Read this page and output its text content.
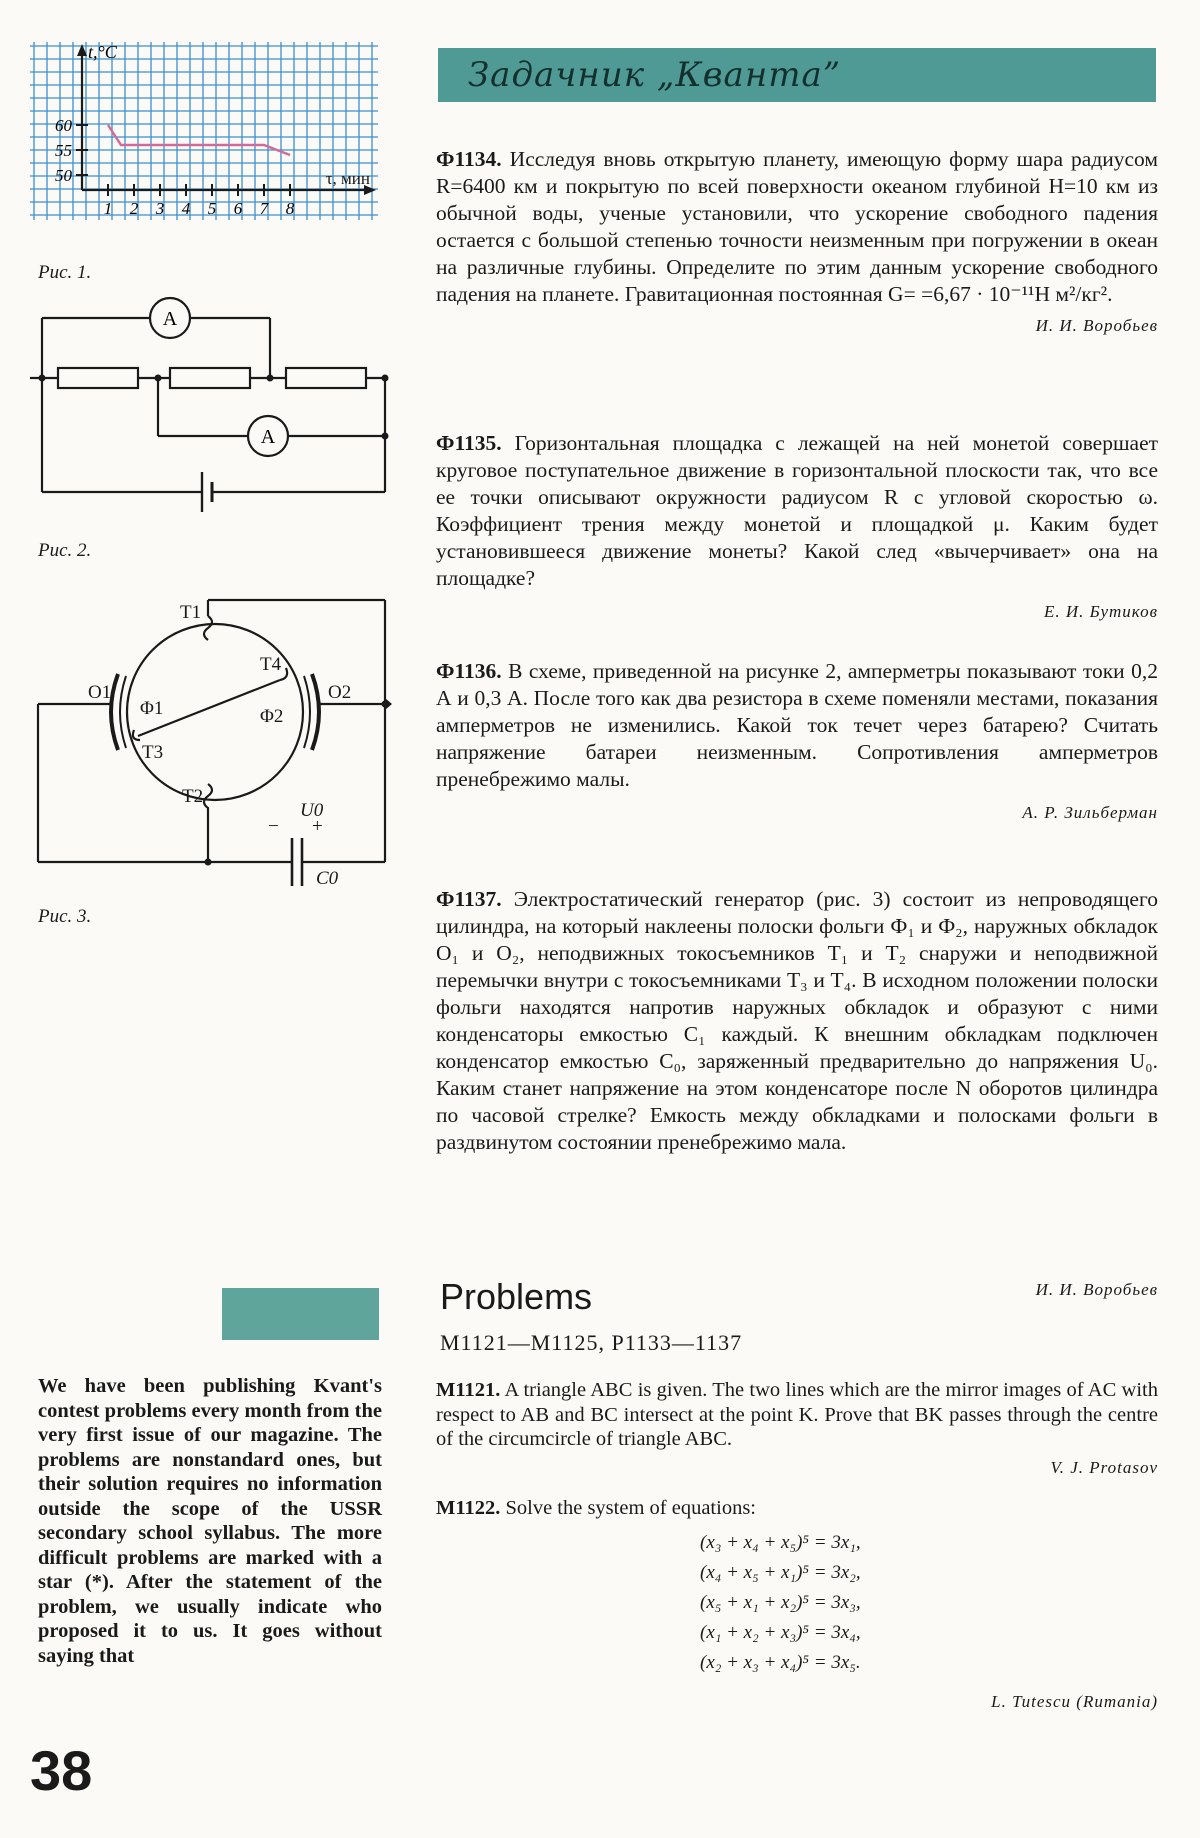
60
55
50
1 2 3 4 5 6 7 8
t,°C
τ, мин
Рис. 1.
A
A
Рис. 2.
T1
T4
O1
Φ1	Φ2
O2
T3
T2
U0
− +
C0
Рис. 3.
Задачник „Кванта”
Ф1134. Исследуя вновь открытую планету, имеющую форму шара радиусом R=6400 км и покрытую по всей поверхности океаном глубиной H=10 км из обычной воды, ученые установили, что ускорение свободного падения остается с большой степенью точности неизменным при погружении в океан на различные глубины. Определите по этим данным ускорение свободного падения на планете. Гравитационная постоянная G= =6,67 · 10⁻¹¹Н м²/кг².
И. И. Воробьев
Ф1135. Горизонтальная площадка с лежащей на ней монетой совершает круговое поступательное движение в горизонтальной плоскости так, что все ее точки описывают окружности радиусом R с угловой скоростью ω. Коэффициент трения между монетой и площадкой μ. Каким будет установившееся движение монеты? Какой след «вычерчивает» она на площадке?
Е. И. Бутиков
Ф1136. В схеме, приведенной на рисунке 2, амперметры показывают токи 0,2 А и 0,3 А. После того как два резистора в схеме поменяли местами, показания амперметров не изменились. Какой ток течет через батарею? Считать напряжение батареи неизменным. Сопротивления амперметров пренебрежимо малы.
А. Р. Зильберман
Ф1137. Электростатический генератор (рис. 3) состоит из непроводящего цилиндра, на который наклеены полоски фольги Ф₁ и Ф₂, наружных обкладок O₁ и O₂, неподвижных токосъемников T₁ и T₂ снаружи и неподвижной перемычки внутри с токосъемниками T₃ и T₄. В исходном положении полоски фольги находятся напротив наружных обкладок и образуют с ними конденсаторы емкостью C₁ каждый. К внешним обкладкам подключен конденсатор емкостью C₀, заряженный предварительно до напряжения U₀. Каким станет напряжение на этом конденсаторе после N оборотов цилиндра по часовой стрелке? Емкость между обкладками и полосками фольги в раздвинутом состоянии пренебрежимо мала.
И. И. Воробьев
We have been publishing Kvant's contest problems every month from the very first issue of our magazine. The problems are nonstandard ones, but their solution requires no information outside the scope of the USSR secondary school syllabus. The more difficult problems are marked with a star (*). After the statement of the problem, we usually indicate who proposed it to us. It goes without saying that
Problems
M1121—M1125, P1133—1137
M1121. A triangle ABC is given. The two lines which are the mirror images of AC with respect to AB and BC intersect at the point K. Prove that BK passes through the centre of the circumcircle of triangle ABC.
V. J. Protasov
M1122. Solve the system of equations:
(x₃ + x₄ + x₅)⁵ = 3x₁,
(x₄ + x₅ + x₁)⁵ = 3x₂,
(x₅ + x₁ + x₂)⁵ = 3x₃,
(x₁ + x₂ + x₃)⁵ = 3x₄,
(x₂ + x₃ + x₄)⁵ = 3x₅.
L. Tutescu (Rumania)
38
